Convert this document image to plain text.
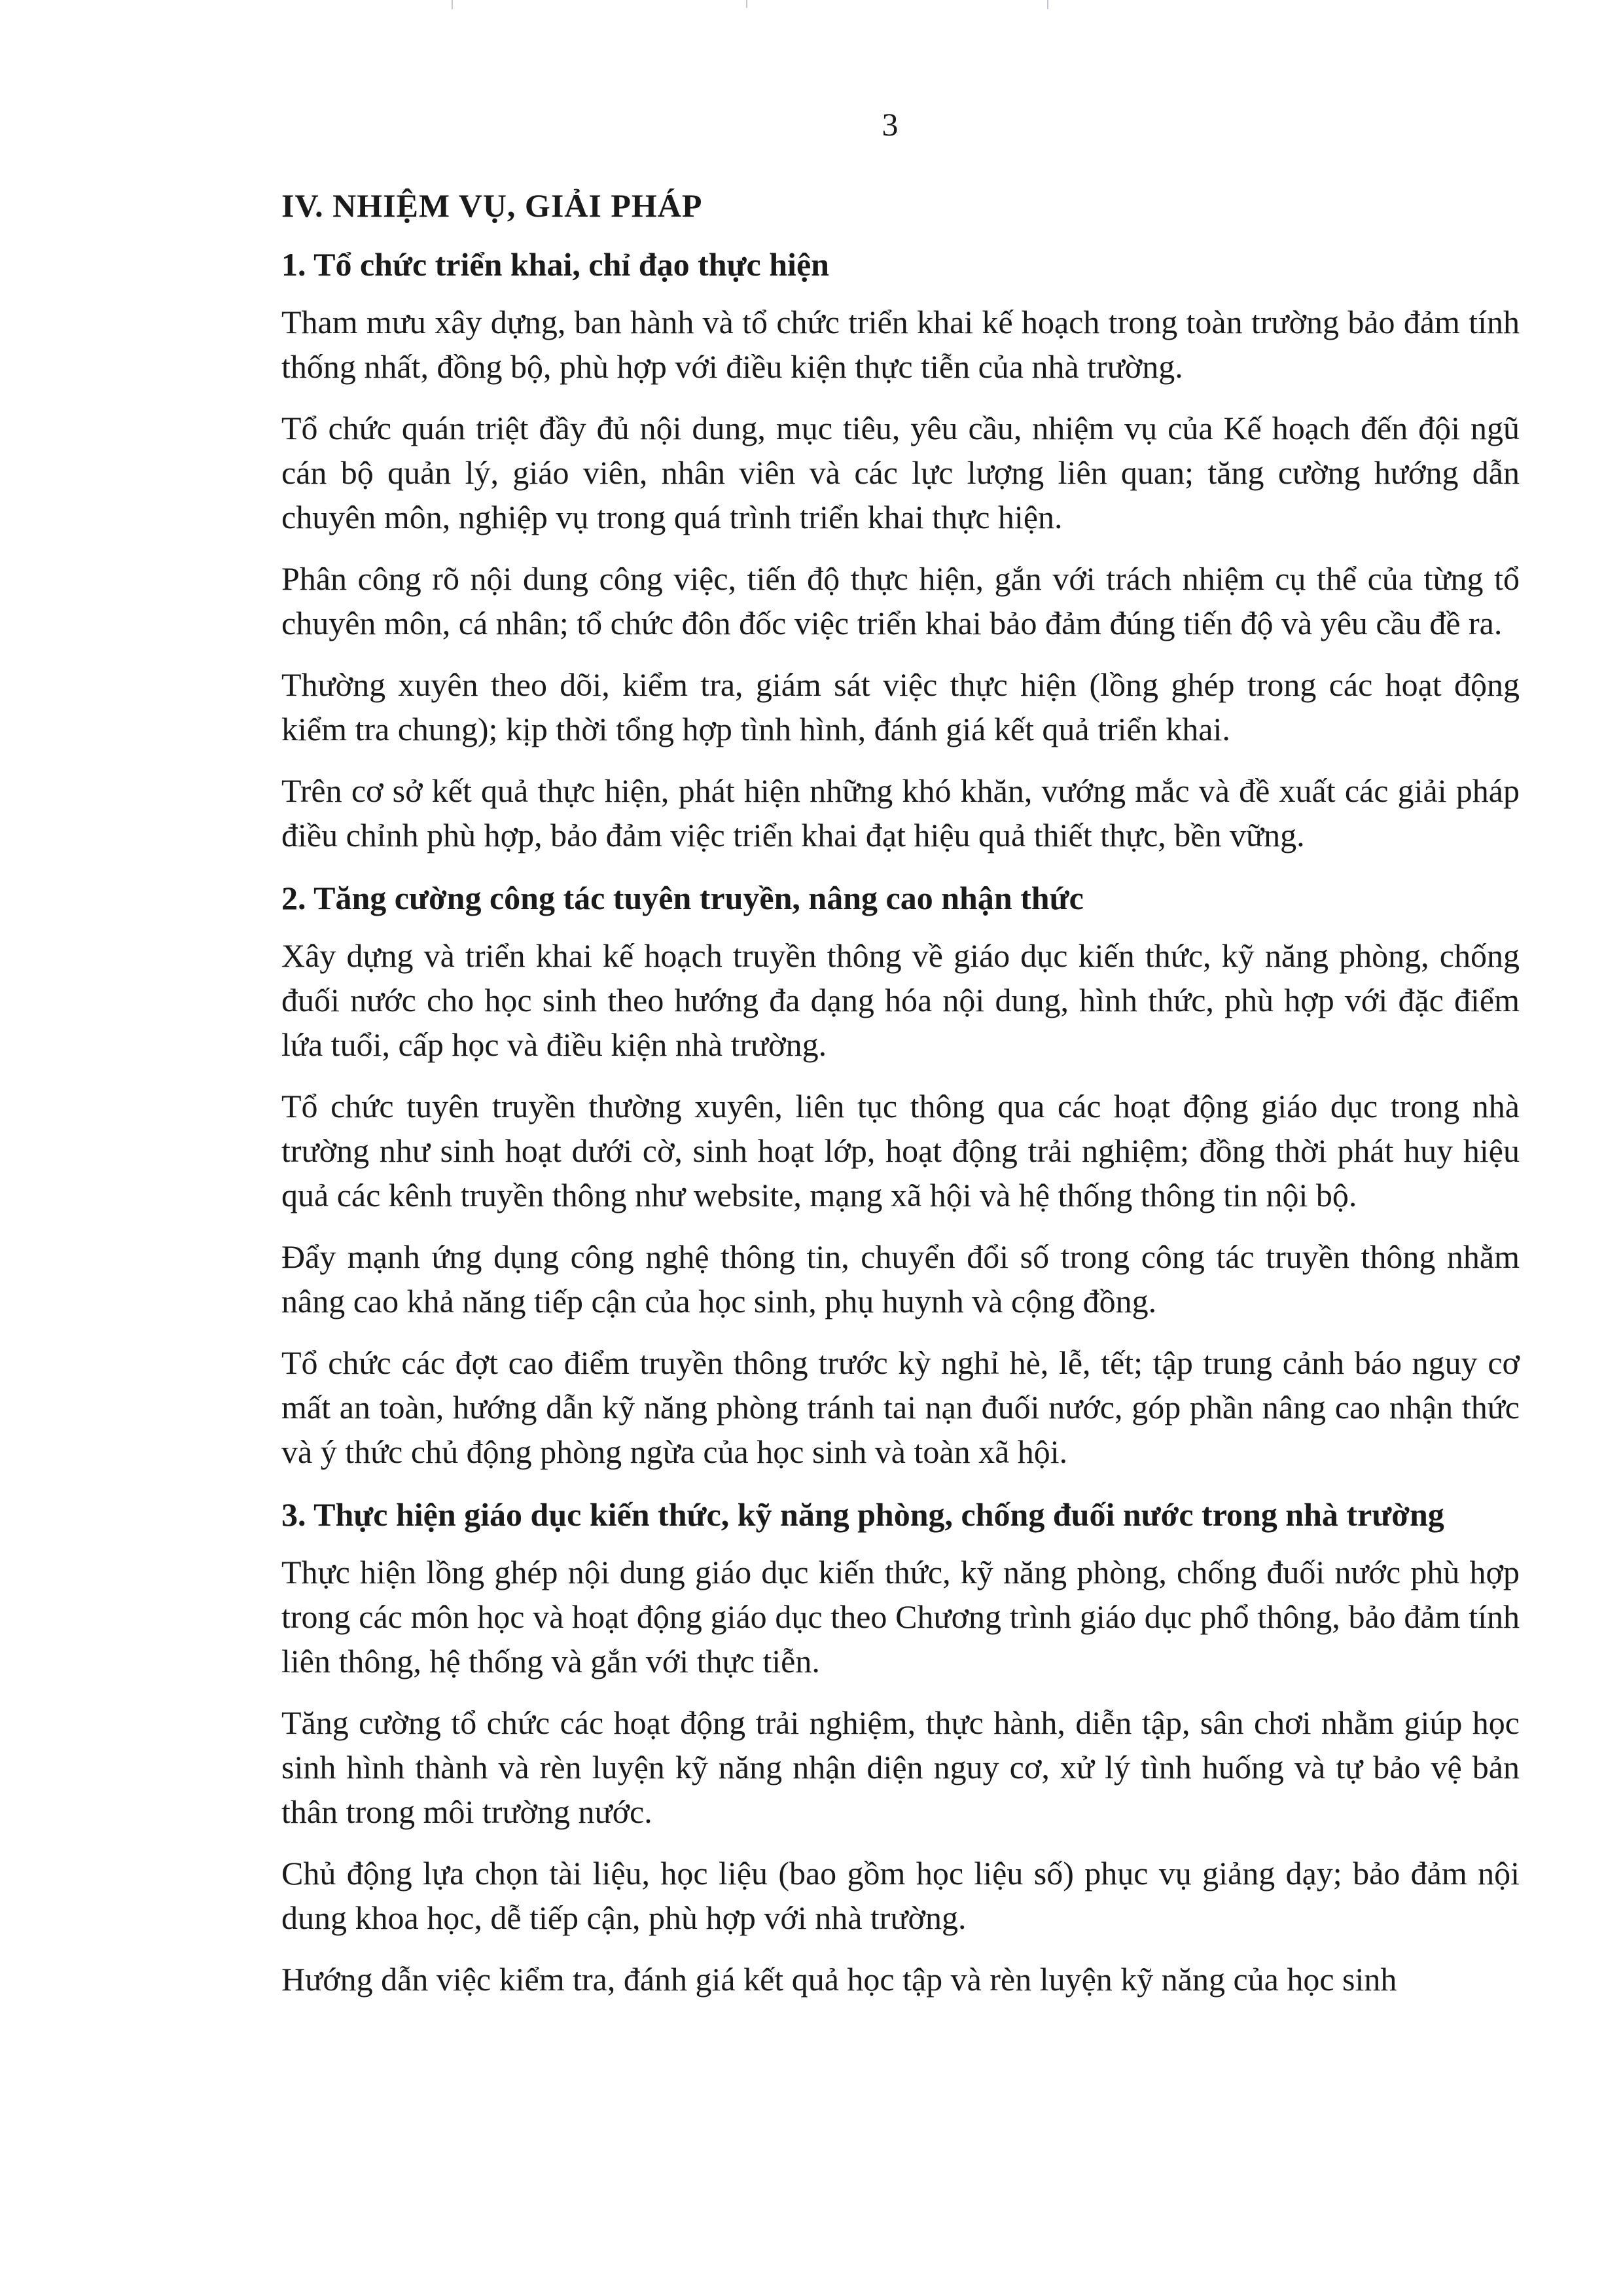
3
IV. NHIỆM VỤ, GIẢI PHÁP
1. Tổ chức triển khai, chỉ đạo thực hiện

Tham mưu xây dựng, ban hành và tổ chức triển khai kế hoạch trong toàn trường bảo đảm tính thống nhất, đồng bộ, phù hợp với điều kiện thực tiễn của nhà trường.

Tổ chức quán triệt đầy đủ nội dung, mục tiêu, yêu cầu, nhiệm vụ của Kế hoạch đến đội ngũ cán bộ quản lý, giáo viên, nhân viên và các lực lượng liên quan; tăng cường hướng dẫn chuyên môn, nghiệp vụ trong quá trình triển khai thực hiện.

Phân công rõ nội dung công việc, tiến độ thực hiện, gắn với trách nhiệm cụ thể của từng tổ chuyên môn, cá nhân; tổ chức đôn đốc việc triển khai bảo đảm đúng tiến độ và yêu cầu đề ra.

Thường xuyên theo dõi, kiểm tra, giám sát việc thực hiện (lồng ghép trong các hoạt động kiểm tra chung); kịp thời tổng hợp tình hình, đánh giá kết quả triển khai.

Trên cơ sở kết quả thực hiện, phát hiện những khó khăn, vướng mắc và đề xuất các giải pháp điều chỉnh phù hợp, bảo đảm việc triển khai đạt hiệu quả thiết thực, bền vững.

2. Tăng cường công tác tuyên truyền, nâng cao nhận thức

Xây dựng và triển khai kế hoạch truyền thông về giáo dục kiến thức, kỹ năng phòng, chống đuối nước cho học sinh theo hướng đa dạng hóa nội dung, hình thức, phù hợp với đặc điểm lứa tuổi, cấp học và điều kiện nhà trường.

Tổ chức tuyên truyền thường xuyên, liên tục thông qua các hoạt động giáo dục trong nhà trường như sinh hoạt dưới cờ, sinh hoạt lớp, hoạt động trải nghiệm; đồng thời phát huy hiệu quả các kênh truyền thông như website, mạng xã hội và hệ thống thông tin nội bộ.

Đẩy mạnh ứng dụng công nghệ thông tin, chuyển đổi số trong công tác truyền thông nhằm nâng cao khả năng tiếp cận của học sinh, phụ huynh và cộng đồng.

Tổ chức các đợt cao điểm truyền thông trước kỳ nghỉ hè, lễ, tết; tập trung cảnh báo nguy cơ mất an toàn, hướng dẫn kỹ năng phòng tránh tai nạn đuối nước, góp phần nâng cao nhận thức và ý thức chủ động phòng ngừa của học sinh và toàn xã hội.

3. Thực hiện giáo dục kiến thức, kỹ năng phòng, chống đuối nước trong nhà trường

Thực hiện lồng ghép nội dung giáo dục kiến thức, kỹ năng phòng, chống đuối nước phù hợp trong các môn học và hoạt động giáo dục theo Chương trình giáo dục phổ thông, bảo đảm tính liên thông, hệ thống và gắn với thực tiễn.

Tăng cường tổ chức các hoạt động trải nghiệm, thực hành, diễn tập, sân chơi nhằm giúp học sinh hình thành và rèn luyện kỹ năng nhận diện nguy cơ, xử lý tình huống và tự bảo vệ bản thân trong môi trường nước.

Chủ động lựa chọn tài liệu, học liệu (bao gồm học liệu số) phục vụ giảng dạy; bảo đảm nội dung khoa học, dễ tiếp cận, phù hợp với nhà trường.

Hướng dẫn việc kiểm tra, đánh giá kết quả học tập và rèn luyện kỹ năng của học sinh
